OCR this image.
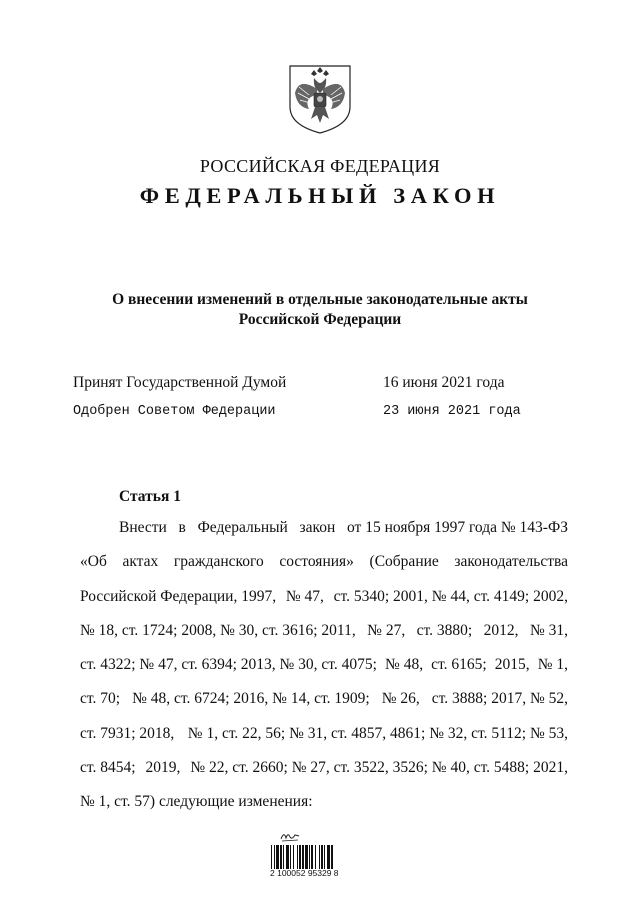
РОССИЙСКАЯ ФЕДЕРАЦИЯ
ФЕДЕРАЛЬНЫЙ ЗАКОН
О внесении изменений в отдельные законодательные акты
Российской Федерации
Принят Государственной Думой	16 июня 2021 года
Одобрен Советом Федерации	23 июня 2021 года
Статья 1
Внести в Федеральный закон от 15 ноября 1997 года № 143-ФЗ
«Об актах гражданского состояния» (Собрание законодательства
Российской Федерации, 1997, № 47, ст. 5340; 2001, № 44, ст. 4149; 2002,
№ 18, ст. 1724; 2008, № 30, ст. 3616; 2011, № 27, ст. 3880; 2012, № 31,
ст. 4322; № 47, ст. 6394; 2013, № 30, ст. 4075; № 48, ст. 6165; 2015, № 1,
ст. 70; № 48, ст. 6724; 2016, № 14, ст. 1909; № 26, ст. 3888; 2017, № 52,
ст. 7931; 2018, № 1, ст. 22, 56; № 31, ст. 4857, 4861; № 32, ст. 5112; № 53,
ст. 8454; 2019, № 22, ст. 2660; № 27, ст. 3522, 3526; № 40, ст. 5488; 2021,
№ 1, ст. 57) следующие изменения:
2 100052 95329 8
